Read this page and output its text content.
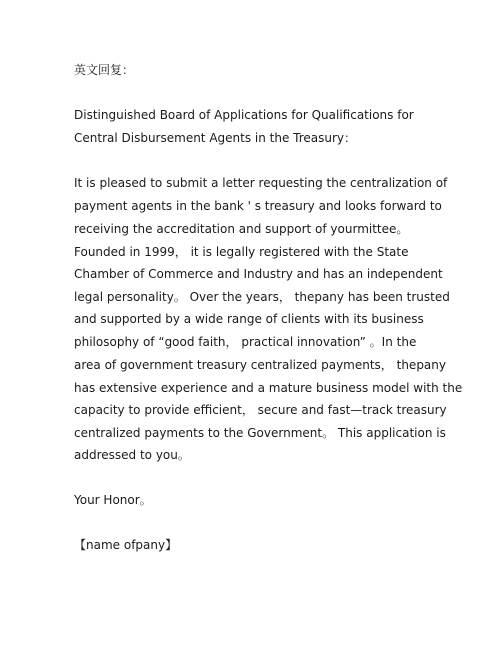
英文回复：

Distinguished Board of Applications for Qualifications for

Central Disbursement Agents in the Treasury：

It is pleased to submit a letter requesting the centralization of

payment agents in the bank ' s treasury and looks forward to

receiving the accreditation and support of yourmittee。

Founded in 1999， it is legally registered with the State

Chamber of Commerce and Industry and has an independent

legal personality。 Over the years， thepany has been trusted

and supported by a wide range of clients with its business

philosophy of “good faith， practical innovation” 。In the

area of government treasury centralized payments， thepany

has extensive experience and a mature business model with the

capacity to provide efficient， secure and fast—track treasury

centralized payments to the Government。 This application is

addressed to you。

Your Honor。

【name ofpany】
